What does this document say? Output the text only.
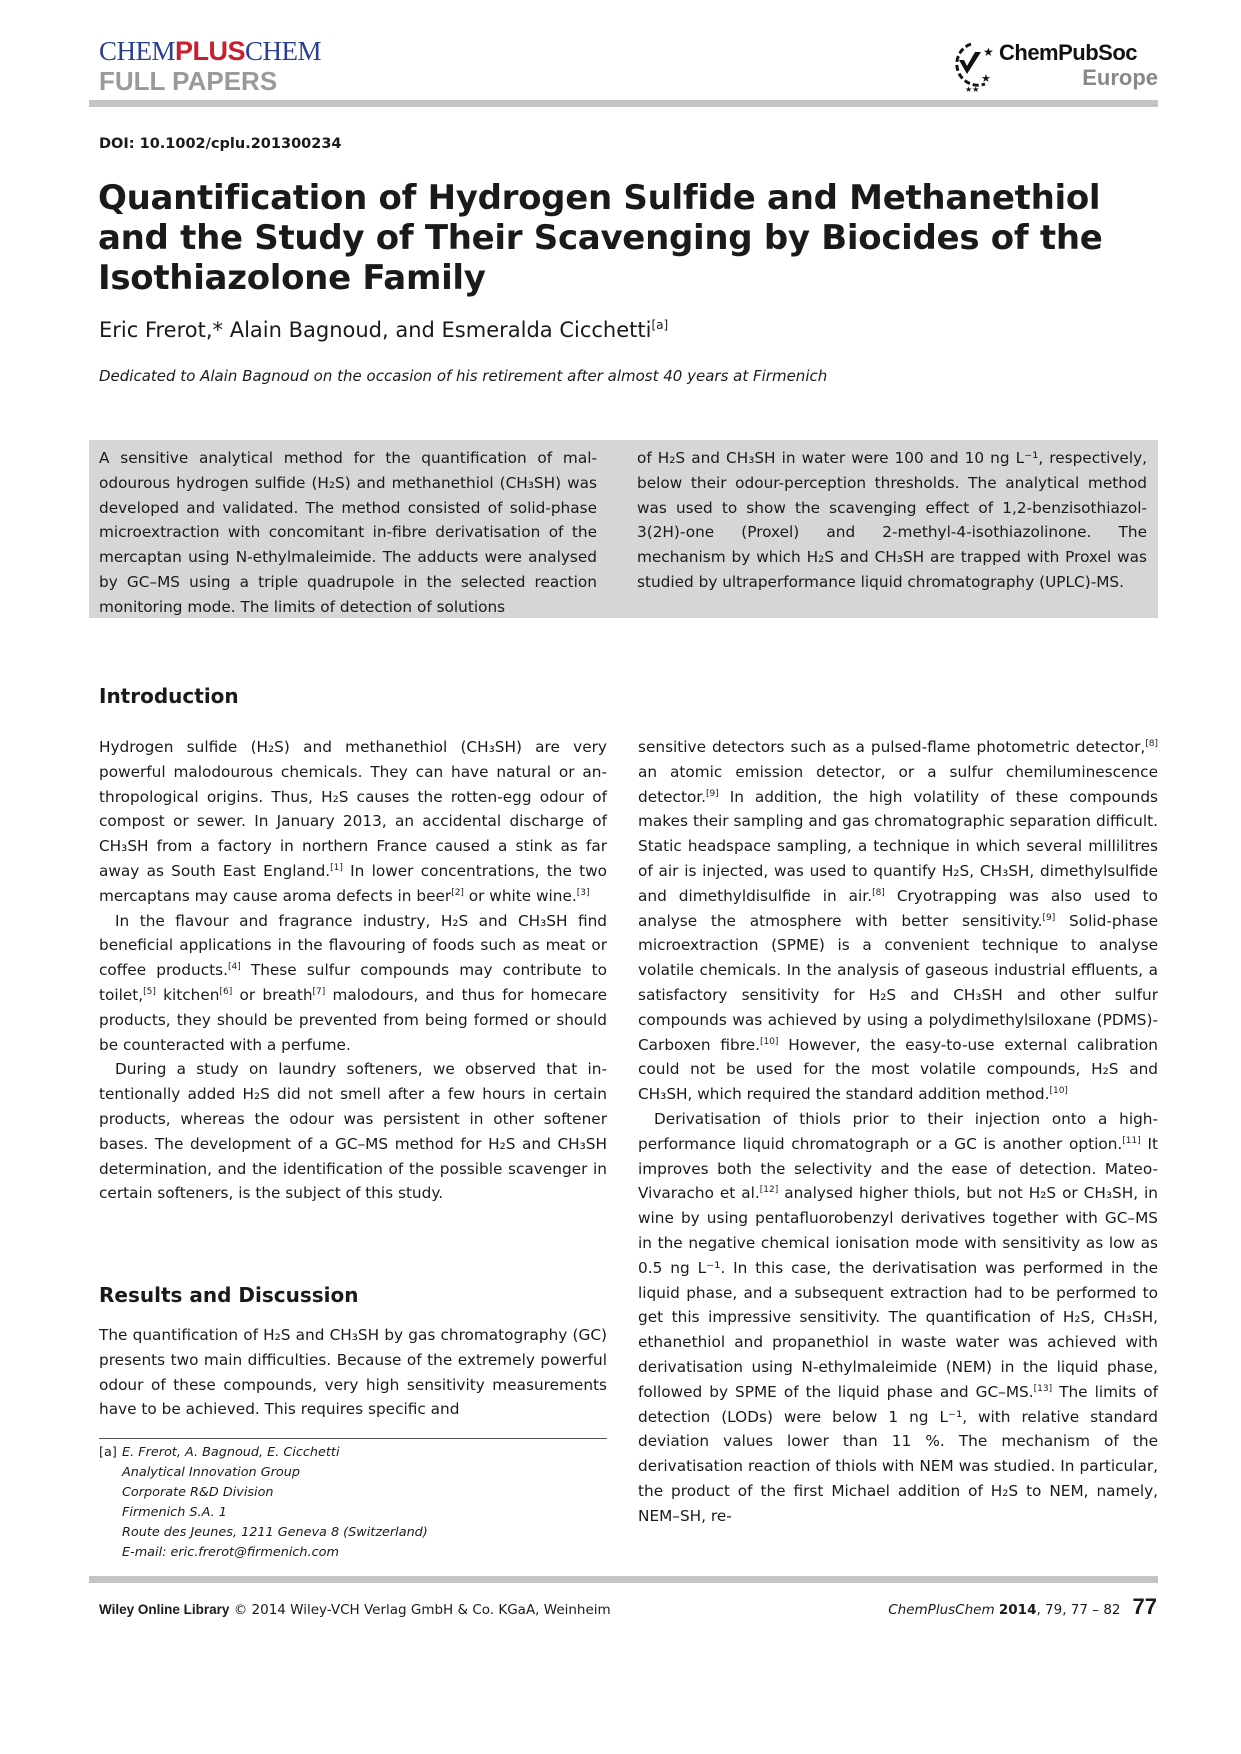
CHEMPLUSCHEM
FULL PAPERS
★
★
★★
ChemPubSoc
Europe
DOI: 10.1002/cplu.201300234
Quantification of Hydrogen Sulfide and Methanethiol and the Study of Their Scavenging by Biocides of the Isothiazolone Family
Eric Frerot,* Alain Bagnoud, and Esmeralda Cicchetti[a]
Dedicated to Alain Bagnoud on the occasion of his retirement after almost 40 years at Firmenich
A sensitive analytical method for the quantification of malodourous hydrogen sulfide (H₂S) and methanethiol (CH₃SH) was developed and validated. The method consisted of solid-phase microextraction with concomitant in-fibre derivatisation of the mercaptan using N-ethylmaleimide. The adducts were analysed by GC–MS using a triple quadrupole in the selected reaction monitoring mode. The limits of detection of solutions
of H₂S and CH₃SH in water were 100 and 10 ng L⁻¹, respectively, below their odour-perception thresholds. The analytical method was used to show the scavenging effect of 1,2-benzisothiazol-3(2H)-one (Proxel) and 2-methyl-4-isothiazolinone. The mechanism by which H₂S and CH₃SH are trapped with Proxel was studied by ultraperformance liquid chromatography (UPLC)-MS.
Introduction

Hydrogen sulfide (H₂S) and methanethiol (CH₃SH) are very powerful malodourous chemicals. They can have natural or anthropological origins. Thus, H₂S causes the rotten-egg odour of compost or sewer. In January 2013, an accidental discharge of CH₃SH from a factory in northern France caused a stink as far away as South East England.[1] In lower concentrations, the two mercaptans may cause aroma defects in beer[2] or white wine.[3]

In the flavour and fragrance industry, H₂S and CH₃SH find beneficial applications in the flavouring of foods such as meat or coffee products.[4] These sulfur compounds may contribute to toilet,[5] kitchen[6] or breath[7] malodours, and thus for homecare products, they should be prevented from being formed or should be counteracted with a perfume.

During a study on laundry softeners, we observed that intentionally added H₂S did not smell after a few hours in certain products, whereas the odour was persistent in other softener bases. The development of a GC–MS method for H₂S and CH₃SH determination, and the identification of the possible scavenger in certain softeners, is the subject of this study.

Results and Discussion

The quantification of H₂S and CH₃SH by gas chromatography (GC) presents two main difficulties. Because of the extremely powerful odour of these compounds, very high sensitivity measurements have to be achieved. This requires specific and

[a] E. Frerot, A. Bagnoud, E. Cicchetti
Analytical Innovation Group
Corporate R&D Division
Firmenich S.A. 1
Route des Jeunes, 1211 Geneva 8 (Switzerland)
E-mail: eric.frerot@firmenich.com

sensitive detectors such as a pulsed-flame photometric detector,[8] an atomic emission detector, or a sulfur chemiluminescence detector.[9] In addition, the high volatility of these compounds makes their sampling and gas chromatographic separation difficult. Static headspace sampling, a technique in which several millilitres of air is injected, was used to quantify H₂S, CH₃SH, dimethylsulfide and dimethyldisulfide in air.[8] Cryotrapping was also used to analyse the atmosphere with better sensitivity.[9] Solid-phase microextraction (SPME) is a convenient technique to analyse volatile chemicals. In the analysis of gaseous industrial effluents, a satisfactory sensitivity for H₂S and CH₃SH and other sulfur compounds was achieved by using a polydimethylsiloxane (PDMS)-Carboxen fibre.[10] However, the easy-to-use external calibration could not be used for the most volatile compounds, H₂S and CH₃SH, which required the standard addition method.[10]

Derivatisation of thiols prior to their injection onto a high-performance liquid chromatograph or a GC is another option.[11] It improves both the selectivity and the ease of detection. Mateo-Vivaracho et al.[12] analysed higher thiols, but not H₂S or CH₃SH, in wine by using pentafluorobenzyl derivatives together with GC–MS in the negative chemical ionisation mode with sensitivity as low as 0.5 ng L⁻¹. In this case, the derivatisation was performed in the liquid phase, and a subsequent extraction had to be performed to get this impressive sensitivity. The quantification of H₂S, CH₃SH, ethanethiol and propanethiol in waste water was achieved with derivatisation using N-ethylmaleimide (NEM) in the liquid phase, followed by SPME of the liquid phase and GC–MS.[13] The limits of detection (LODs) were below 1 ng L⁻¹, with relative standard deviation values lower than 11 %. The mechanism of the derivatisation reaction of thiols with NEM was studied. In particular, the product of the first Michael addition of H₂S to NEM, namely, NEM–SH, re-

Wiley Online Library © 2014 Wiley-VCH Verlag GmbH & Co. KGaA, Weinheim	ChemPlusChem 2014, 79, 77 – 82 77
